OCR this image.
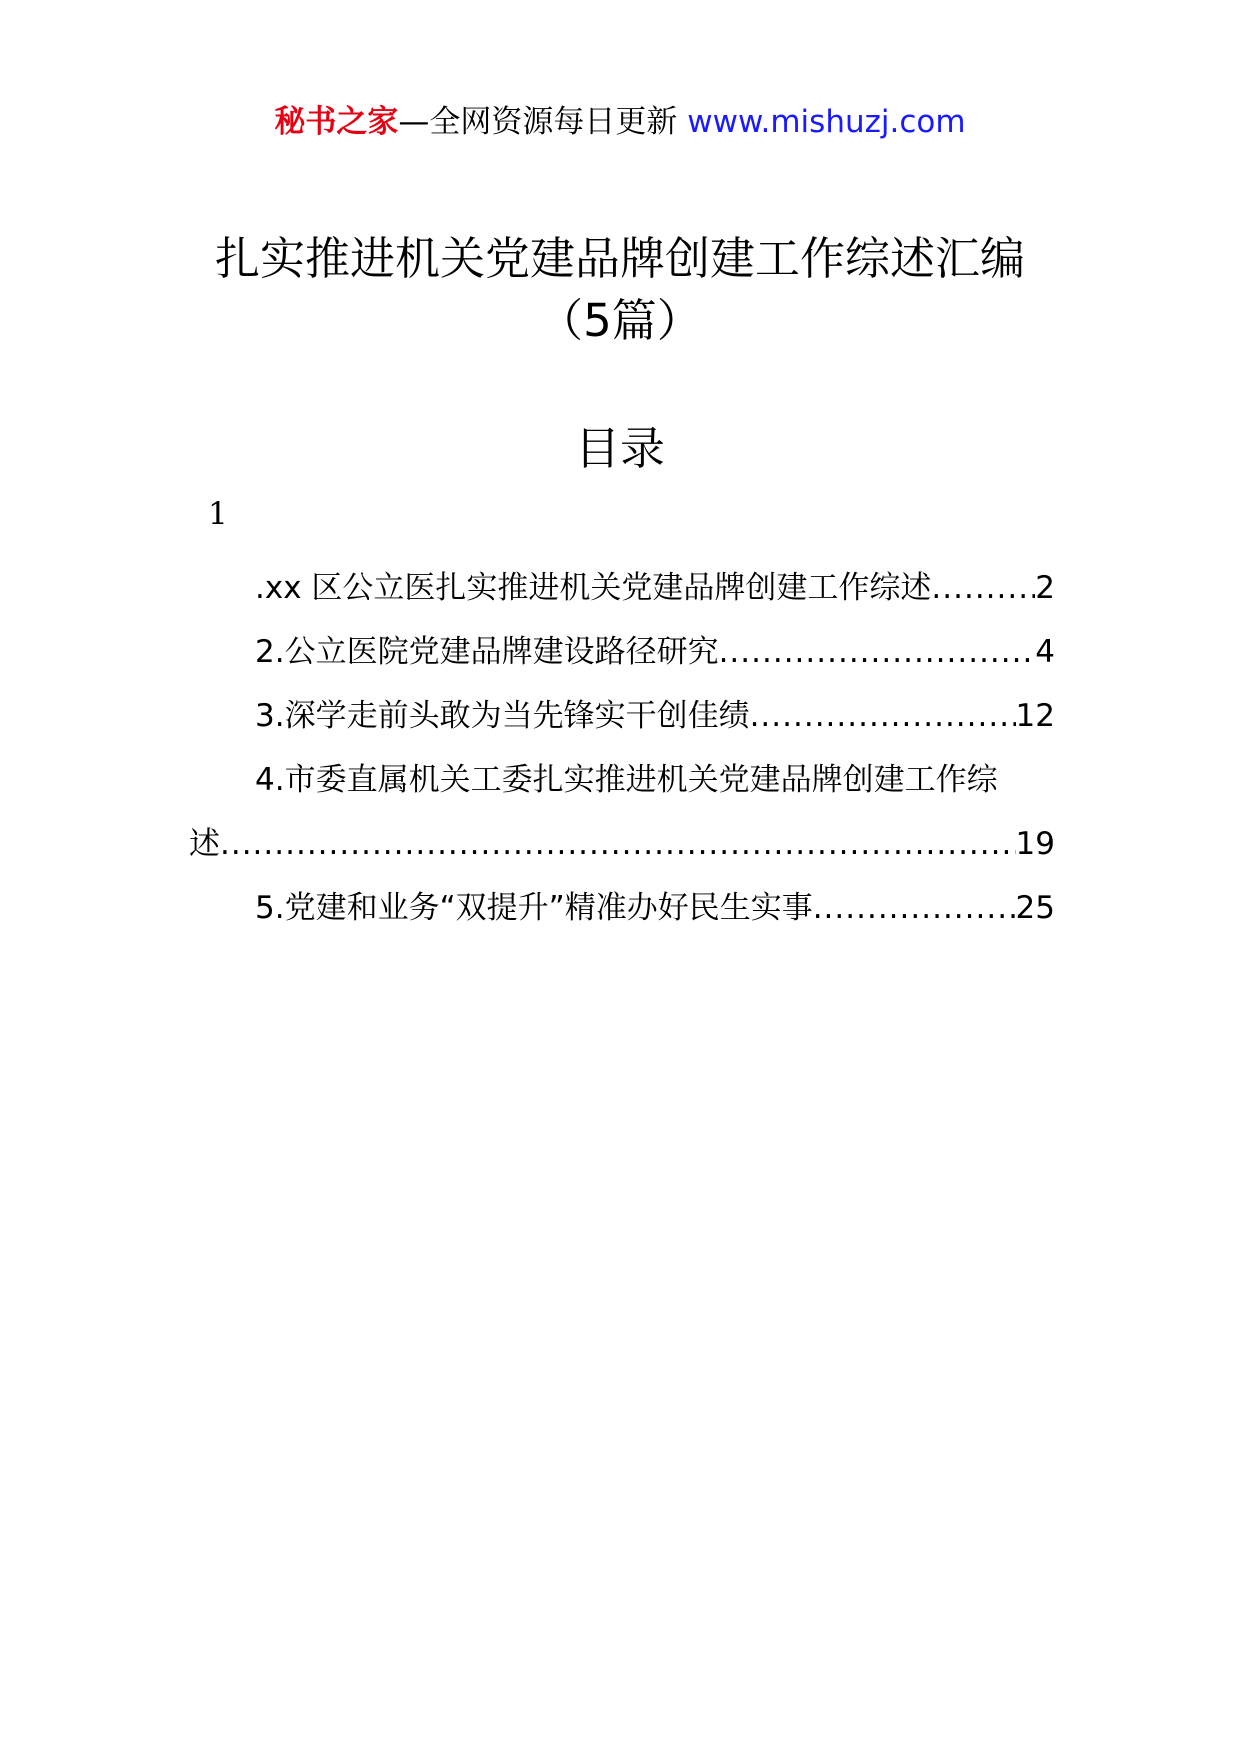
秘书之家—全网资源每日更新 www.mishuzj.com
扎实推进机关党建品牌创建工作综述汇编
（5篇）
目录
1
.xx 区公立医扎实推进机关党建品牌创建工作综述 .....	2
2.公立医院党建品牌建设路径研究 .....	4
3.深学走前头敢为当先锋实干创佳绩 .....	12
4.市委直属机关工委扎实推进机关党建品牌创建工作综
述 .....	19
5.党建和业务“双提升”精准办好民生实事 .....	25
